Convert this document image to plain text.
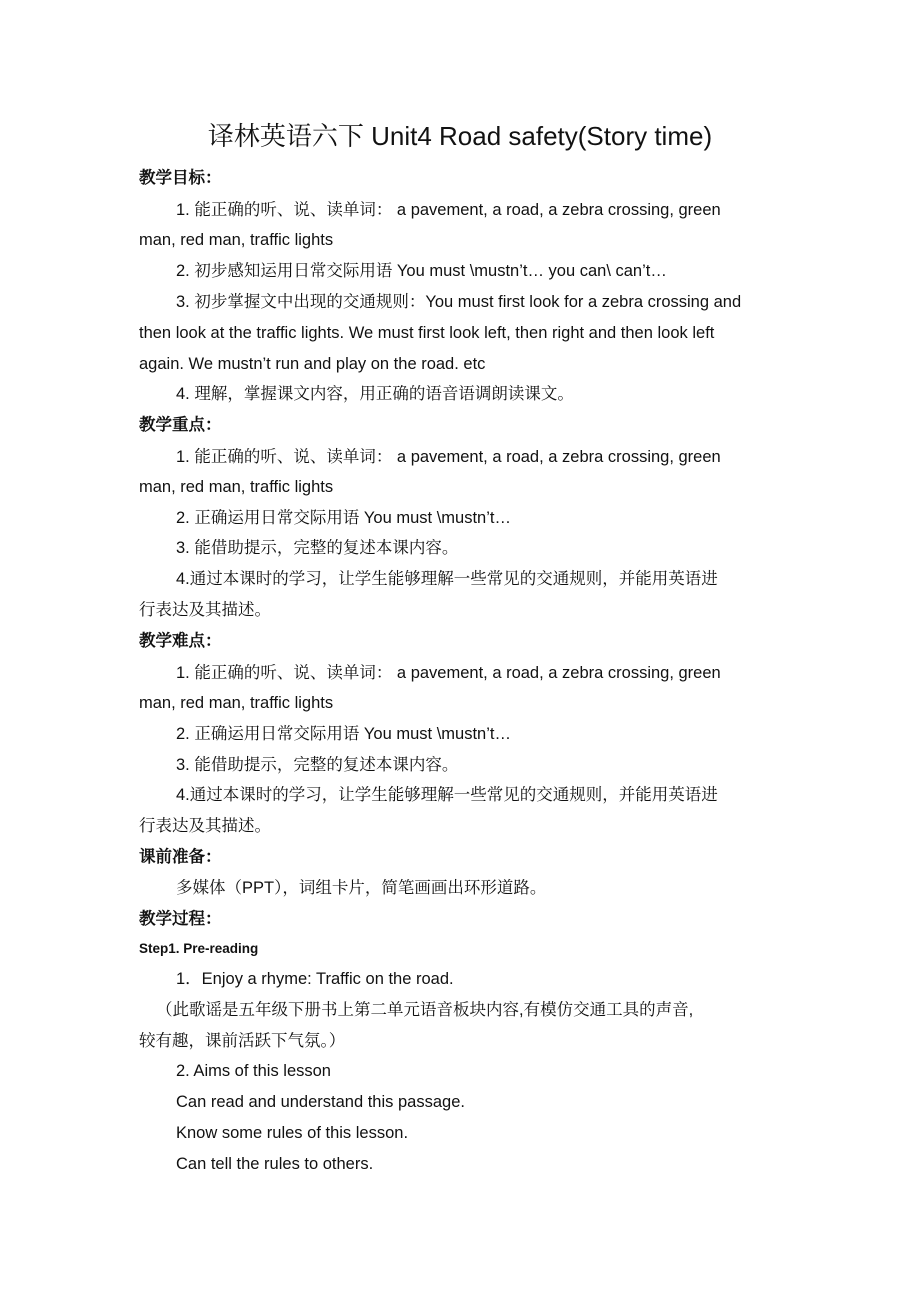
译林英语六下 Unit4 Road safety(Story time)
教学目标：
1. 能正确的听、说、读单词： a pavement, a road, a zebra crossing, green
man, red man, traffic lights
2. 初步感知运用日常交际用语 You must \mustn’t… you can\ can’t…
3. 初步掌握文中出现的交通规则：You must first look for a zebra crossing and
then look at the traffic lights. We must first look left, then right and then look left
again. We mustn’t run and play on the road. etc
4. 理解，掌握课文内容，用正确的语音语调朗读课文。
教学重点：
1. 能正确的听、说、读单词： a pavement, a road, a zebra crossing, green
man, red man, traffic lights
2. 正确运用日常交际用语 You must \mustn’t…
3. 能借助提示，完整的复述本课内容。
4.通过本课时的学习，让学生能够理解一些常见的交通规则，并能用英语进
行表达及其描述。
教学难点：
1. 能正确的听、说、读单词： a pavement, a road, a zebra crossing, green
man, red man, traffic lights
2. 正确运用日常交际用语 You must \mustn’t…
3. 能借助提示，完整的复述本课内容。
4.通过本课时的学习，让学生能够理解一些常见的交通规则，并能用英语进
行表达及其描述。
课前准备：
多媒体（PPT），词组卡片，简笔画画出环形道路。
教学过程：
Step1. Pre-reading
1．Enjoy a rhyme: Traffic on the road.
（此歌谣是五年级下册书上第二单元语音板块内容,有模仿交通工具的声音,
较有趣，课前活跃下气氛。）
2. Aims of this lesson
Can read and understand this passage.
Know some rules of this lesson.
Can tell the rules to others.
